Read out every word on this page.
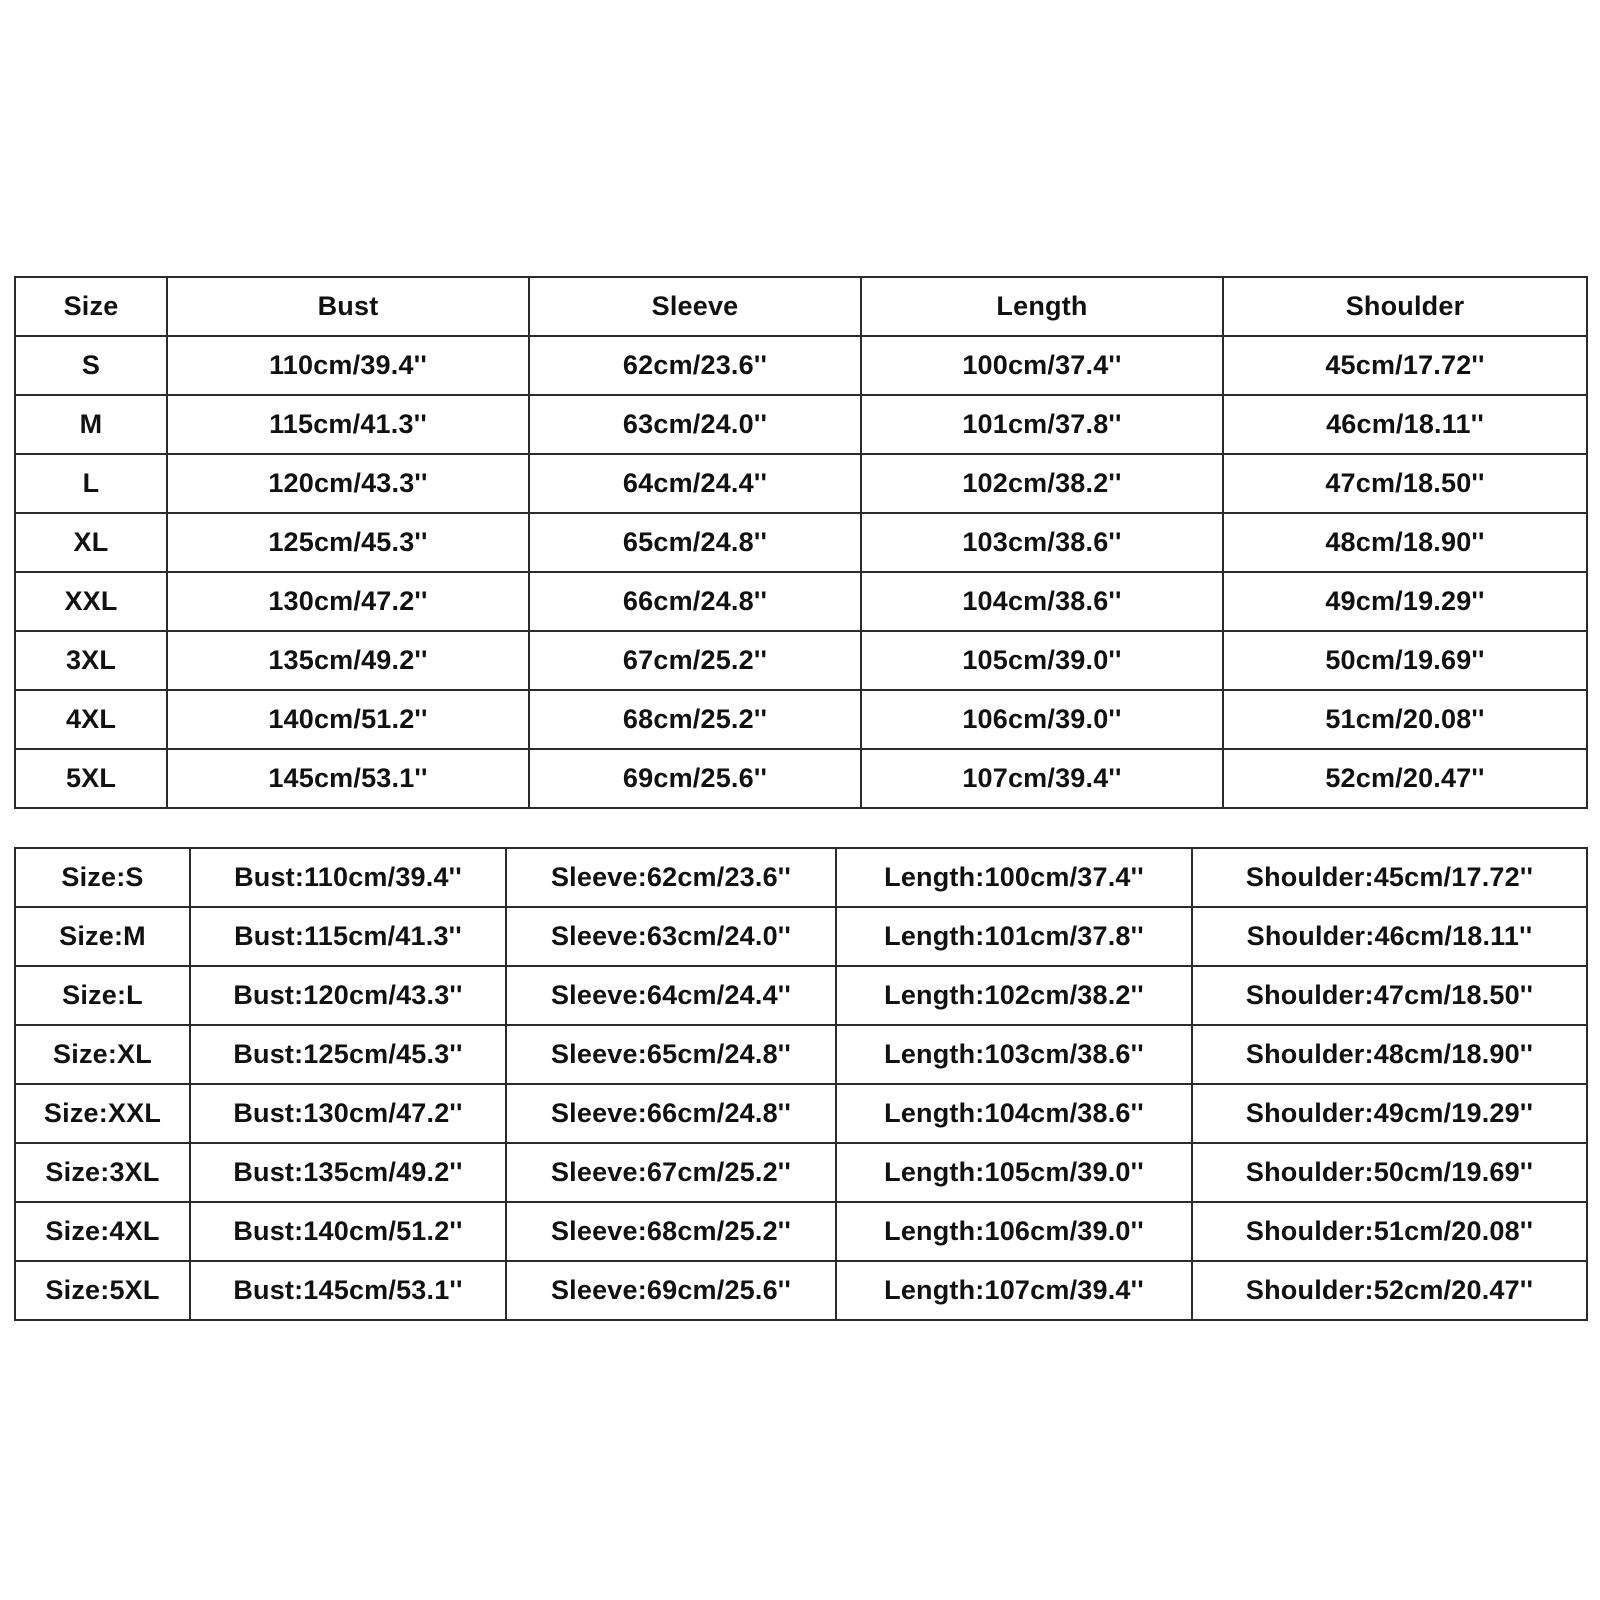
Size	Bust	Sleeve	Length	Shoulder
S	110cm/39.4''	62cm/23.6''	100cm/37.4''	45cm/17.72''
M	115cm/41.3''	63cm/24.0''	101cm/37.8''	46cm/18.11''
L	120cm/43.3''	64cm/24.4''	102cm/38.2''	47cm/18.50''
XL	125cm/45.3''	65cm/24.8''	103cm/38.6''	48cm/18.90''
XXL	130cm/47.2''	66cm/24.8''	104cm/38.6''	49cm/19.29''
3XL	135cm/49.2''	67cm/25.2''	105cm/39.0''	50cm/19.69''
4XL	140cm/51.2''	68cm/25.2''	106cm/39.0''	51cm/20.08''
5XL	145cm/53.1''	69cm/25.6''	107cm/39.4''	52cm/20.47''
Size:S	Bust:110cm/39.4''	Sleeve:62cm/23.6''	Length:100cm/37.4''	Shoulder:45cm/17.72''
Size:M	Bust:115cm/41.3''	Sleeve:63cm/24.0''	Length:101cm/37.8''	Shoulder:46cm/18.11''
Size:L	Bust:120cm/43.3''	Sleeve:64cm/24.4''	Length:102cm/38.2''	Shoulder:47cm/18.50''
Size:XL	Bust:125cm/45.3''	Sleeve:65cm/24.8''	Length:103cm/38.6''	Shoulder:48cm/18.90''
Size:XXL	Bust:130cm/47.2''	Sleeve:66cm/24.8''	Length:104cm/38.6''	Shoulder:49cm/19.29''
Size:3XL	Bust:135cm/49.2''	Sleeve:67cm/25.2''	Length:105cm/39.0''	Shoulder:50cm/19.69''
Size:4XL	Bust:140cm/51.2''	Sleeve:68cm/25.2''	Length:106cm/39.0''	Shoulder:51cm/20.08''
Size:5XL	Bust:145cm/53.1''	Sleeve:69cm/25.6''	Length:107cm/39.4''	Shoulder:52cm/20.47''
